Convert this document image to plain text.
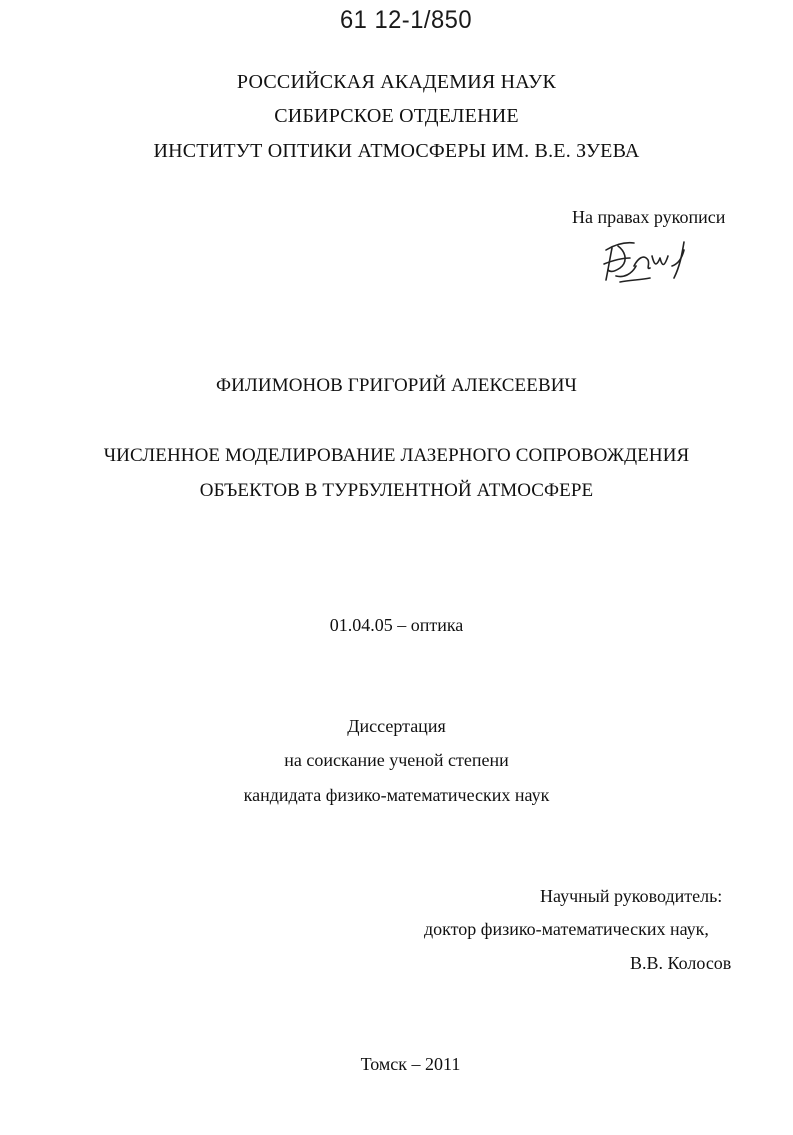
61 12-1/850
РОССИЙСКАЯ АКАДЕМИЯ НАУК
СИБИРСКОЕ ОТДЕЛЕНИЕ
ИНСТИТУТ ОПТИКИ АТМОСФЕРЫ ИМ. В.Е. ЗУЕВА
На правах рукописи
ФИЛИМОНОВ ГРИГОРИЙ АЛЕКСЕЕВИЧ
ЧИСЛЕННОЕ МОДЕЛИРОВАНИЕ ЛАЗЕРНОГО СОПРОВОЖДЕНИЯ
ОБЪЕКТОВ В ТУРБУЛЕНТНОЙ АТМОСФЕРЕ
01.04.05 – оптика
Диссертация
на соискание ученой степени
кандидата физико-математических наук
Научный руководитель:
доктор физико-математических наук,
В.В. Колосов
Томск – 2011
